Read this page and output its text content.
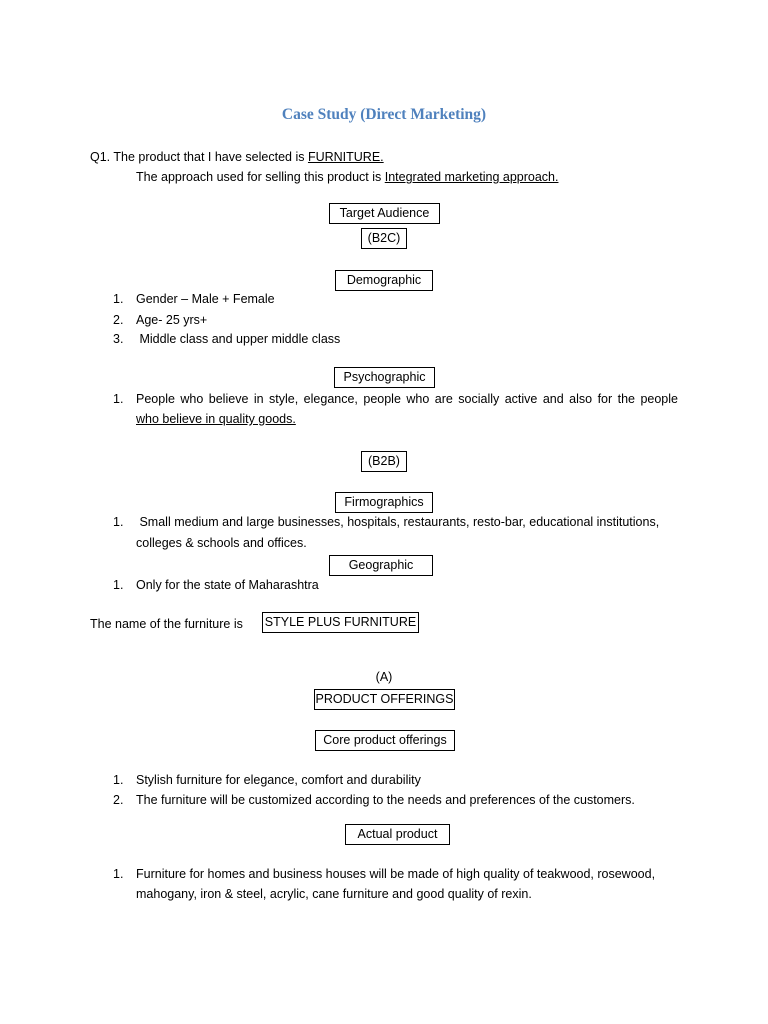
Case Study (Direct Marketing)
Q1. The product that I have selected is FURNITURE.
The approach used for selling this product is Integrated marketing approach.
Target Audience
(B2C)
Demographic
1.	Gender – Male + Female
2.	Age- 25 yrs+
3.	Middle class and upper middle class
Psychographic
1.	People who believe in style, elegance, people who are socially active and also for the people
who believe in quality goods.
(B2B)
Firmographics
1.	Small medium and large businesses, hospitals, restaurants, resto-bar, educational institutions,
colleges & schools and offices.
Geographic
1.	Only for the state of Maharashtra
The name of the furniture is STYLE PLUS FURNITURE
(A)
PRODUCT OFFERINGS
Core product offerings
1.	Stylish furniture for elegance, comfort and durability
2.	The furniture will be customized according to the needs and preferences of the customers.
Actual product
1.	Furniture for homes and business houses will be made of high quality of teakwood, rosewood,
mahogany, iron & steel, acrylic, cane furniture and good quality of rexin.
